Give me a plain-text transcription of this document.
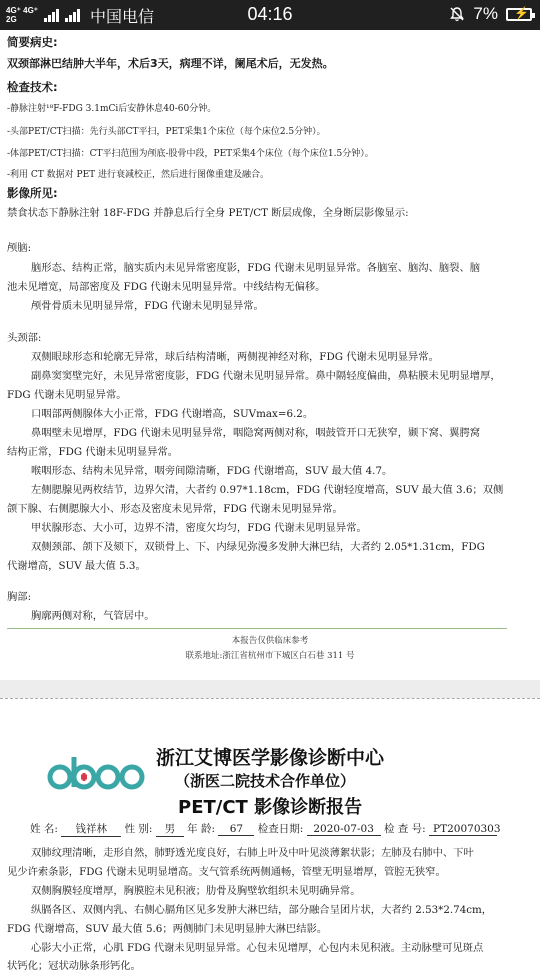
4G⁺ 4G⁺
2G	中国电信	04:16	7% ⚡
简要病史:
双颈部淋巴结肿大半年，术后3天，病理不详，阑尾术后，无发热。
检查技术:
-静脉注射¹⁸F-FDG 3.1mCi后安静休息40-60分钟。
-头部PET/CT扫描：先行头部CT平扫，PET采集1个床位（每个床位2.5分钟）。
-体部PET/CT扫描：CT平扫范围为颅底-股骨中段，PET采集4个床位（每个床位1.5分钟）。
-利用 CT 数据对 PET 进行衰减校正，然后进行图像重建及融合。
影像所见:
禁食状态下静脉注射 18F-FDG 并静息后行全身 PET/CT 断层成像，全身断层影像显示:
颅脑:
脑形态、结构正常，脑实质内未见异常密度影，FDG 代谢未见明显异常。各脑室、脑沟、脑裂、脑
池未见增宽，局部密度及 FDG 代谢未见明显异常。中线结构无偏移。
颅骨骨质未见明显异常，FDG 代谢未见明显异常。
头颈部:
双侧眼球形态和轮廓无异常，球后结构清晰，两侧视神经对称，FDG 代谢未见明显异常。
副鼻窦窦壁完好，未见异常密度影，FDG 代谢未见明显异常。鼻中隔轻度偏曲，鼻粘膜未见明显增厚，
FDG 代谢未见明显异常。
口咽部两侧腺体大小正常，FDG 代谢增高，SUVmax=6.2。
鼻咽壁未见增厚，FDG 代谢未见明显异常，咽隐窝两侧对称，咽鼓管开口无狭窄，颞下窝、翼腭窝
结构正常，FDG 代谢未见明显异常。
喉咽形态、结构未见异常，咽旁间隙清晰，FDG 代谢增高，SUV 最大值 4.7。
左侧腮腺见两枚结节，边界欠清，大者约 0.97*1.18cm，FDG 代谢轻度增高，SUV 最大值 3.6；双侧
颌下腺、右侧腮腺大小、形态及密度未见异常，FDG 代谢未见明显异常。
甲状腺形态、大小可，边界不清，密度欠均匀，FDG 代谢未见明显异常。
双侧颈部、颌下及颏下，双锁骨上、下、内绿见弥漫多发肿大淋巴结，大者约 2.05*1.31cm，FDG
代谢增高，SUV 最大值 5.3。
胸部:
胸廓两侧对称，气管居中。
本报告仅供临床参考
联系地址:浙江省杭州市下城区白石巷 311 号
浙江艾博医学影像诊断中心
（浙医二院技术合作单位）
PET/CT 影像诊断报告
姓 名: 钱祥林 性 别: 男 年 龄: 67 检查日期: 2020-07-03 检 查 号: PT20070303
双肺纹理清晰，走形自然，肺野透光度良好，右肺上叶及中叶见淡薄絮状影；左肺及右肺中、下叶
见少许索条影，FDG 代谢未见明显增高。支气管系统两侧通畅，管壁无明显增厚，管腔无狭窄。
双侧胸膜轻度增厚，胸膜腔未见积液；肋骨及胸壁软组织未见明确异常。
纵膈各区、双侧内乳、右侧心膈角区见多发肿大淋巴结，部分融合呈团片状，大者约 2.53*2.74cm，
FDG 代谢增高，SUV 最大值 5.6；两侧肺门未见明显肿大淋巴结影。
心影大小正常，心肌 FDG 代谢未见明显异常。心包未见增厚，心包内未见积液。主动脉壁可见斑点
状钙化；冠状动脉条形钙化。
